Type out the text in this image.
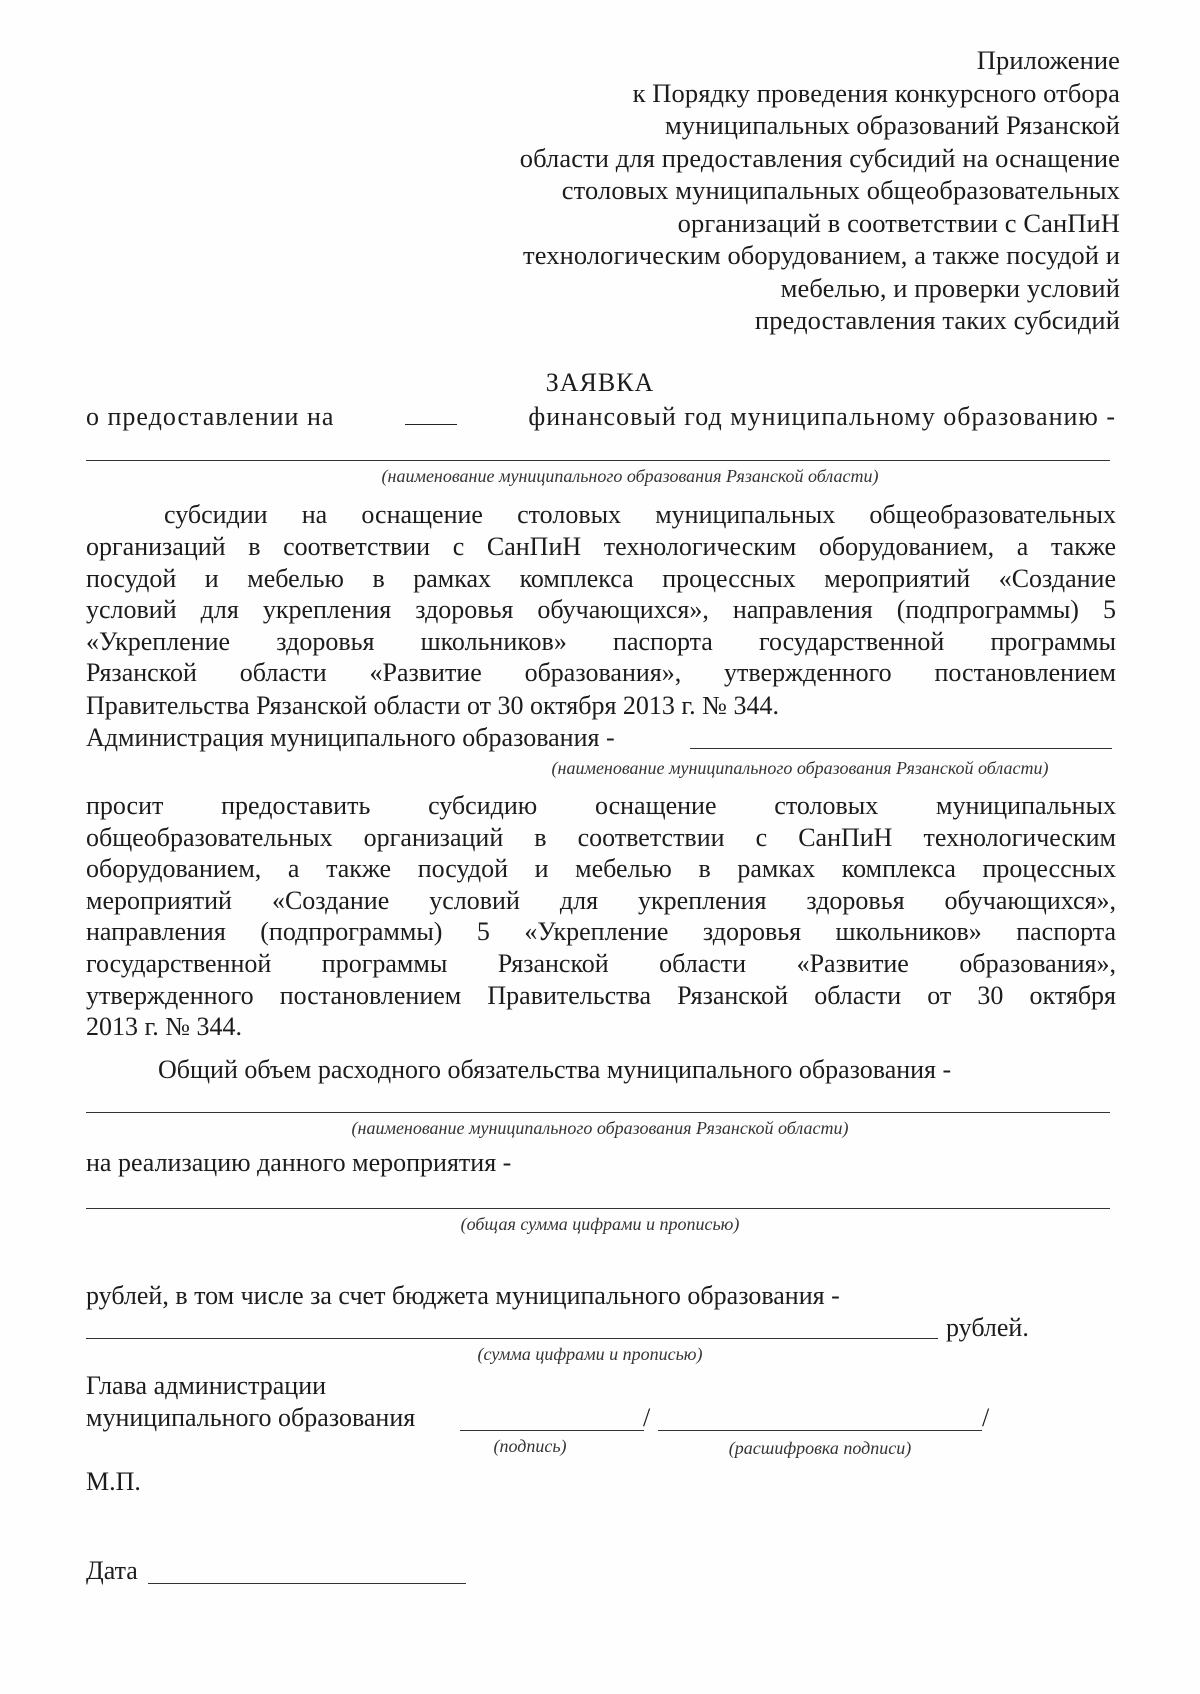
Приложение
к Порядку проведения конкурсного отбора
муниципальных образований Рязанской
области для предоставления субсидий на оснащение
столовых муниципальных общеобразовательных
организаций в соответствии с СанПиН
технологическим оборудованием, а также посудой и
мебелью, и проверки условий
предоставления таких субсидий
ЗАЯВКА
о предоставлении на	финансовый год муниципальному образованию -
(наименование муниципального образования Рязанской области)
субсидии на оснащение столовых муниципальных общеобразовательных
организаций в соответствии с СанПиН технологическим оборудованием, а также
посудой и мебелью в рамках комплекса процессных мероприятий «Создание
условий для укрепления здоровья обучающихся», направления (подпрограммы) 5
«Укрепление здоровья школьников» паспорта государственной программы
Рязанской области «Развитие образования», утвержденного постановлением
Правительства Рязанской области от 30 октября 2013 г. № 344.
Администрация муниципального образования -
(наименование муниципального образования Рязанской области)
просит предоставить субсидию оснащение столовых муниципальных
общеобразовательных организаций в соответствии с СанПиН технологическим
оборудованием, а также посудой и мебелью в рамках комплекса процессных
мероприятий «Создание условий для укрепления здоровья обучающихся»,
направления (подпрограммы) 5 «Укрепление здоровья школьников» паспорта
государственной программы Рязанской области «Развитие образования»,
утвержденного постановлением Правительства Рязанской области от 30 октября
2013 г. № 344.
Общий объем расходного обязательства муниципального образования -
(наименование муниципального образования Рязанской области)
на реализацию данного мероприятия -
(общая сумма цифрами и прописью)
рублей, в том числе за счет бюджета муниципального образования -
рублей.
(сумма цифрами и прописью)
Глава администрации
муниципального образования	/	/
(подпись)	(расшифровка подписи)
М.П.
Дата
